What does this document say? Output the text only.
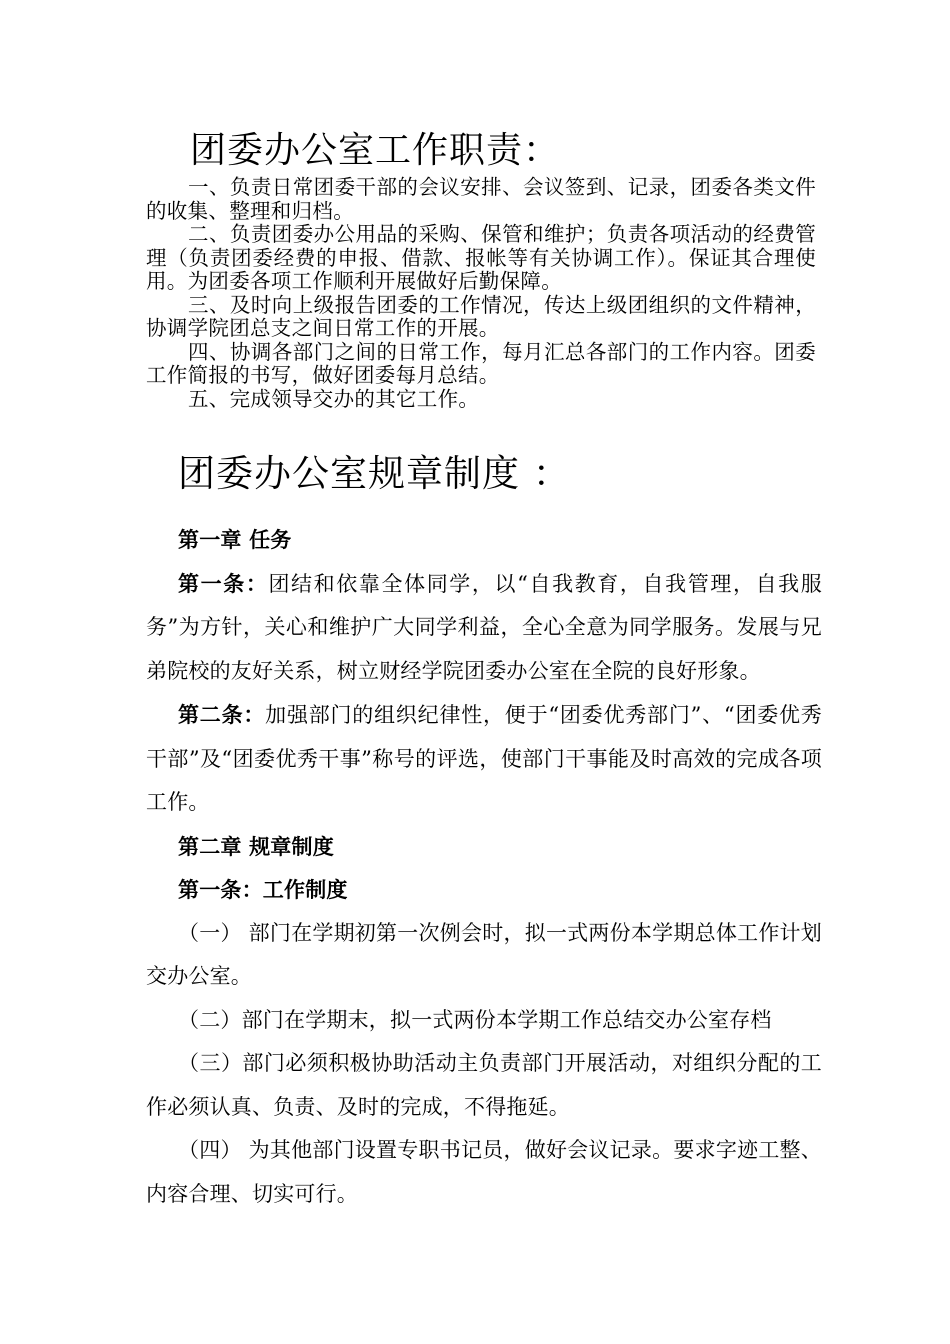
团委办公室工作职责：

一、负责日常团委干部的会议安排、会议签到、记录，团委各类文件的收集、整理和归档。

二、负责团委办公用品的采购、保管和维护；负责各项活动的经费管理（负责团委经费的申报、借款、报帐等有关协调工作）。保证其合理使用。为团委各项工作顺利开展做好后勤保障。

三、及时向上级报告团委的工作情况，传达上级团组织的文件精神，协调学院团总支之间日常工作的开展。

四、协调各部门之间的日常工作，每月汇总各部门的工作内容。团委工作简报的书写，做好团委每月总结。

五、完成领导交办的其它工作。

团委办公室规章制度 ：

第一章 任务

第一条：团结和依靠全体同学，以“自我教育，自我管理，自我服务”为方针，关心和维护广大同学利益，全心全意为同学服务。发展与兄弟院校的友好关系，树立财经学院团委办公室在全院的良好形象。

第二条：加强部门的组织纪律性，便于“团委优秀部门”、“团委优秀干部”及“团委优秀干事”称号的评选，使部门干事能及时高效的完成各项工作。

第二章 规章制度

第一条：工作制度

（一） 部门在学期初第一次例会时，拟一式两份本学期总体工作计划交办公室。

（二）部门在学期末，拟一式两份本学期工作总结交办公室存档

（三）部门必须积极协助活动主负责部门开展活动，对组织分配的工作必须认真、负责、及时的完成，不得拖延。

（四） 为其他部门设置专职书记员，做好会议记录。要求字迹工整、内容合理、切实可行。
